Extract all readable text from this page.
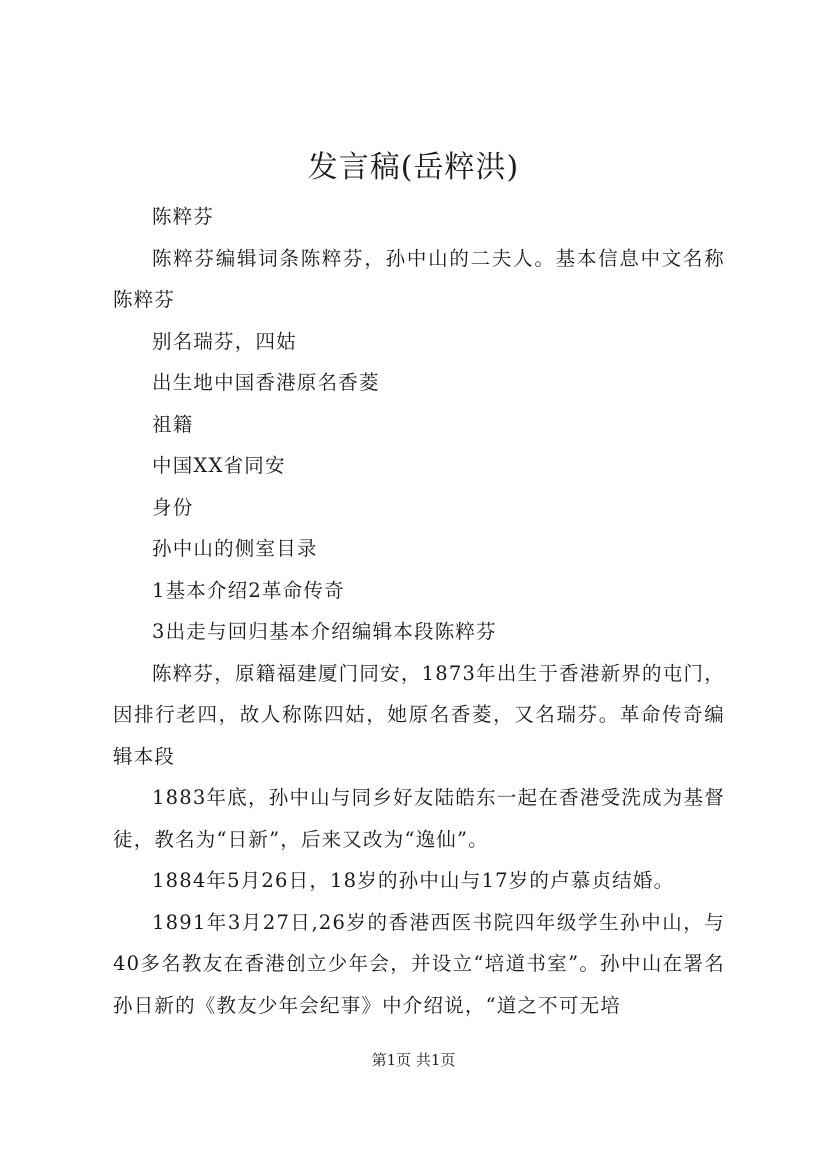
发言稿(岳粹洪)

陈粹芬

陈粹芬编辑词条陈粹芬，孙中山的二夫人。基本信息中文名称陈粹芬

别名瑞芬，四姑

出生地中国香港原名香菱

祖籍

中国XX省同安

身份

孙中山的侧室目录

1基本介绍2革命传奇

3出走与回归基本介绍编辑本段陈粹芬

陈粹芬，原籍福建厦门同安，1873年出生于香港新界的屯门，因排行老四，故人称陈四姑，她原名香菱，又名瑞芬。革命传奇编辑本段

1883年底，孙中山与同乡好友陆皓东一起在香港受洗成为基督徒，教名为“日新”，后来又改为“逸仙”。

1884年5月26日，18岁的孙中山与17岁的卢慕贞结婚。

1891年3月27日,26岁的香港西医书院四年级学生孙中山，与40多名教友在香港创立少年会，并设立“培道书室”。孙中山在署名孙日新的《教友少年会纪事》中介绍说，“道之不可无培

第1页 共1页
